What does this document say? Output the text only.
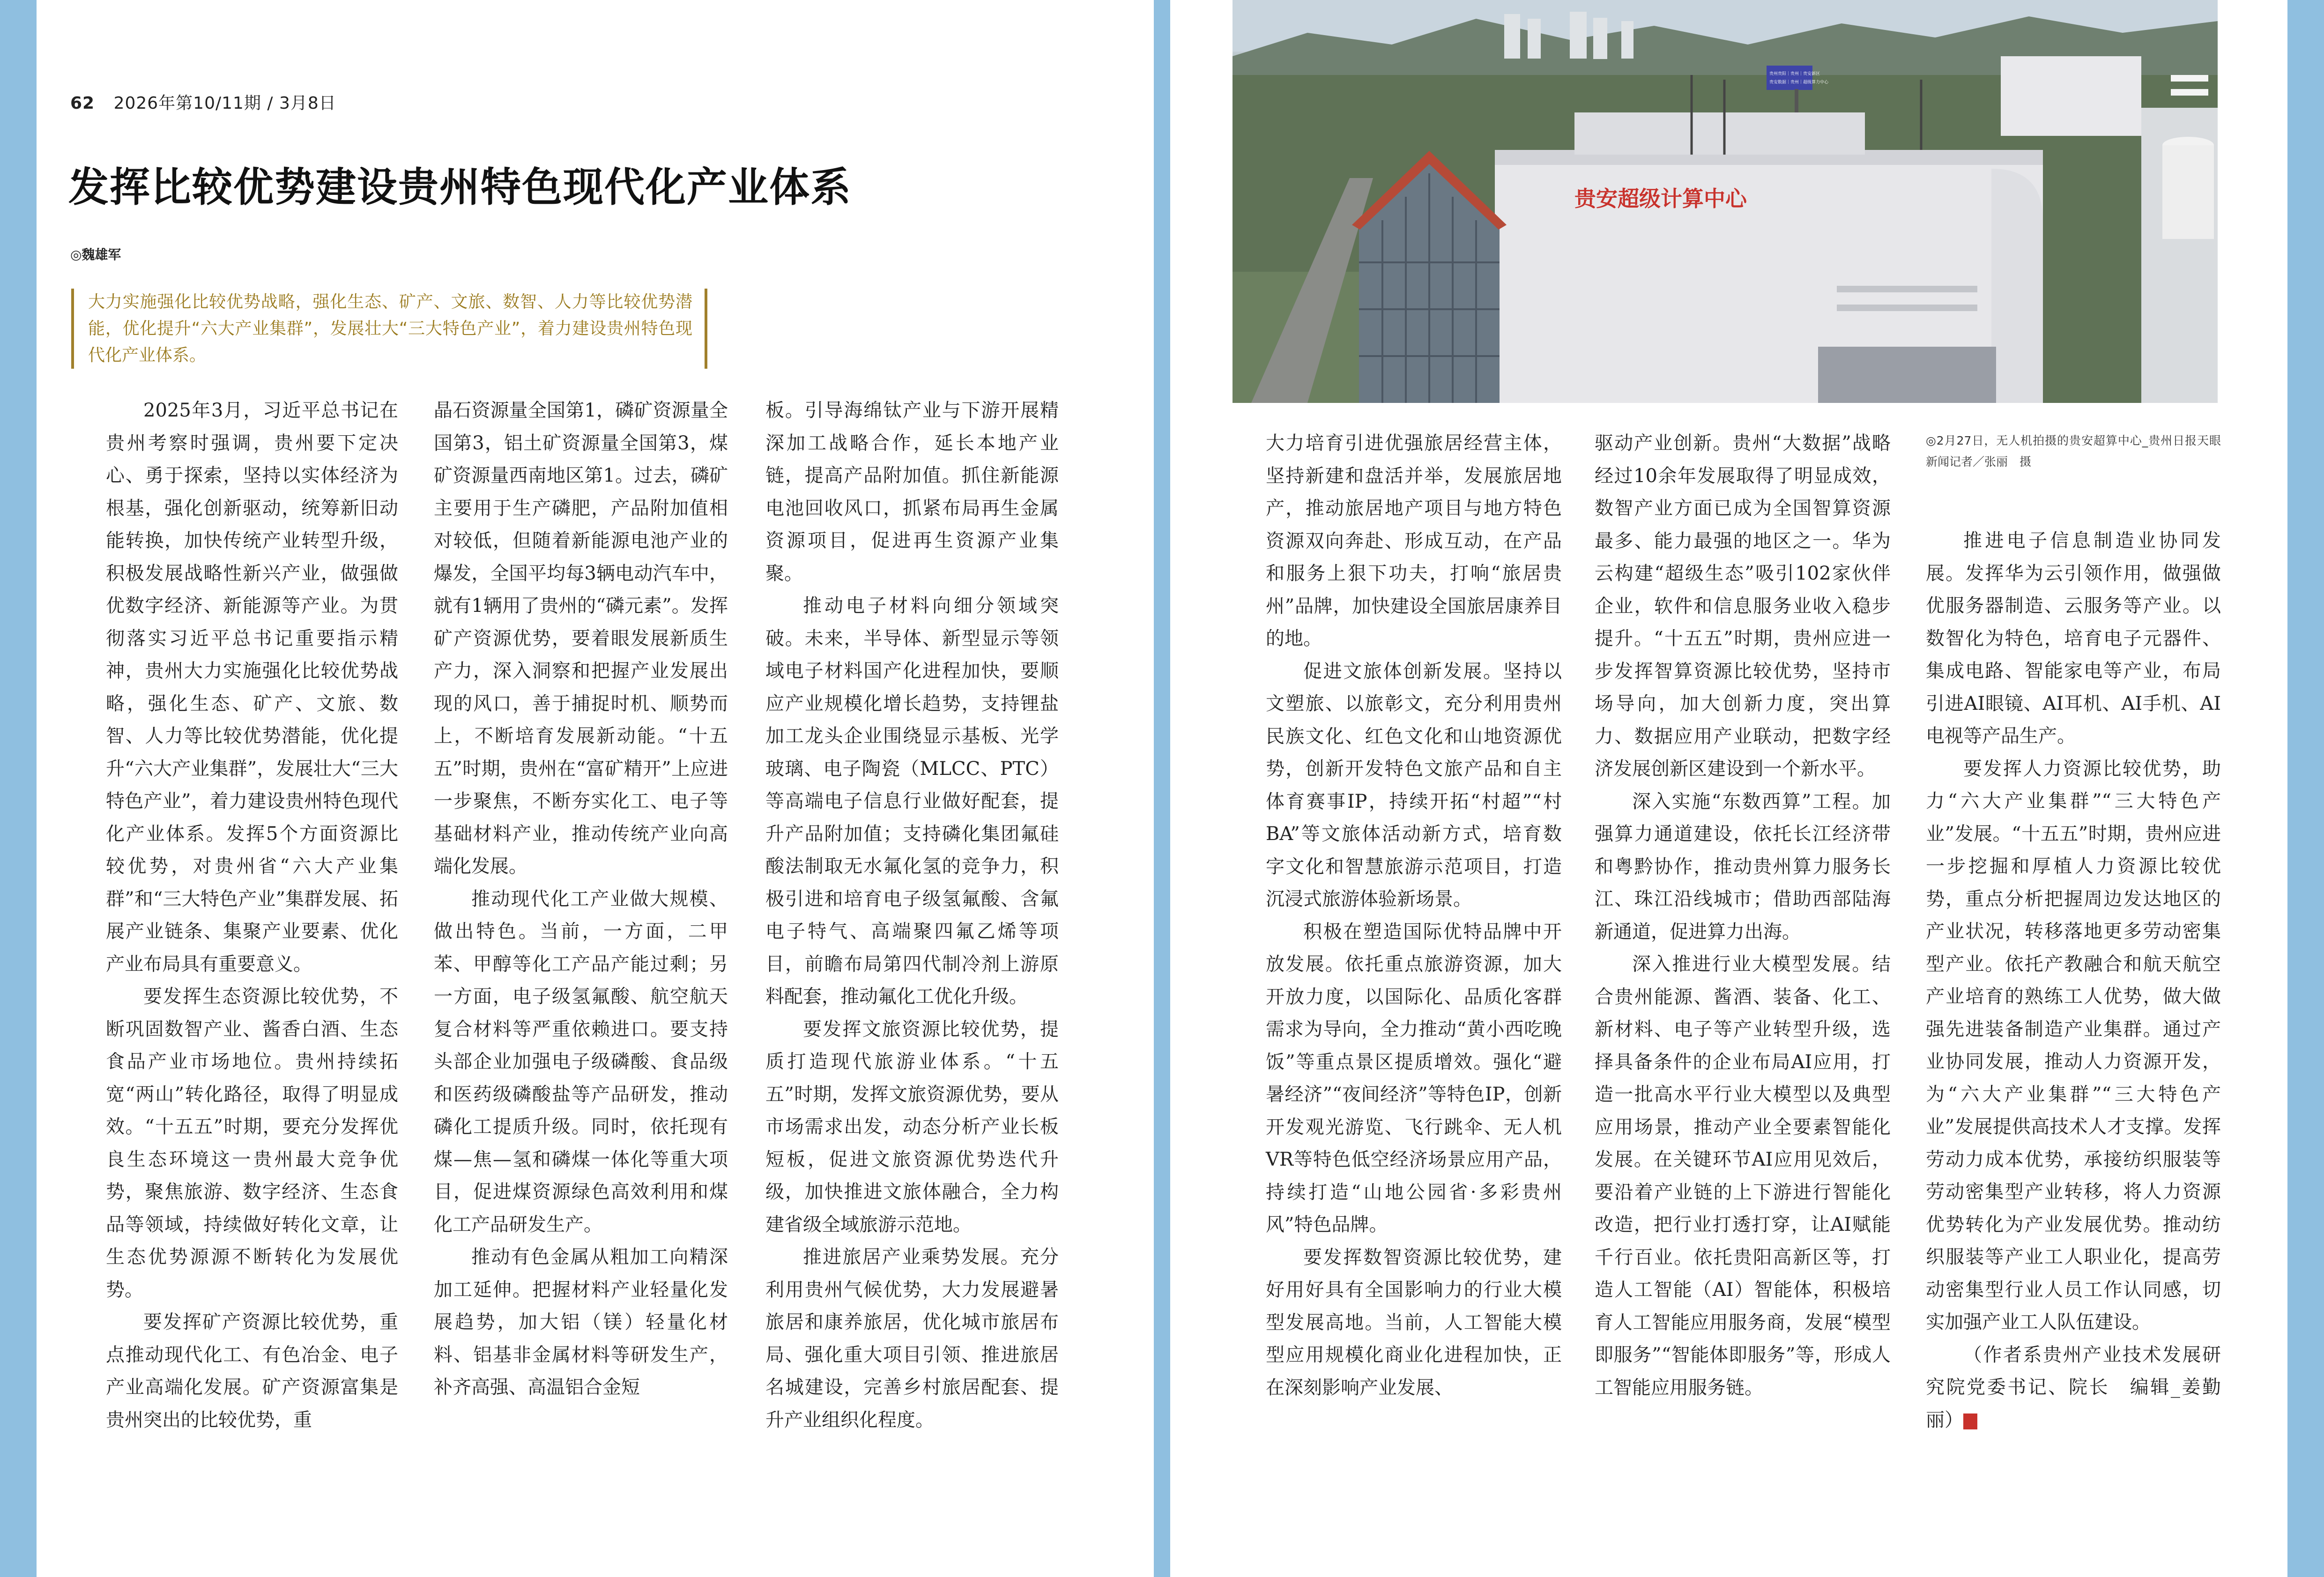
62 2026年第10/11期 / 3月8日
发挥比较优势建设贵州特色现代化产业体系
◎魏雄军
大力实施强化比较优势战略，强化生态、矿产、文旅、数智、人力等比较优势潜能，优化提升“六大产业集群”，发展壮大“三大特色产业”，着力建设贵州特色现代化产业体系。

2025年3月，习近平总书记在贵州考察时强调，贵州要下定决心、勇于探索，坚持以实体经济为根基，强化创新驱动，统筹新旧动能转换，加快传统产业转型升级，积极发展战略性新兴产业，做强做优数字经济、新能源等产业。为贯彻落实习近平总书记重要指示精神，贵州大力实施强化比较优势战略，强化生态、矿产、文旅、数智、人力等比较优势潜能，优化提升“六大产业集群”，发展壮大“三大特色产业”，着力建设贵州特色现代化产业体系。发挥5个方面资源比较优势，对贵州省“六大产业集群”和“三大特色产业”集群发展、拓展产业链条、集聚产业要素、优化产业布局具有重要意义。

要发挥生态资源比较优势，不断巩固数智产业、酱香白酒、生态食品产业市场地位。贵州持续拓宽“两山”转化路径，取得了明显成效。“十五五”时期，要充分发挥优良生态环境这一贵州最大竞争优势，聚焦旅游、数字经济、生态食品等领域，持续做好转化文章，让生态优势源源不断转化为发展优势。

要发挥矿产资源比较优势，重点推动现代化工、有色冶金、电子产业高端化发展。矿产资源富集是贵州突出的比较优势，重

晶石资源量全国第1，磷矿资源量全国第3，铝土矿资源量全国第3，煤矿资源量西南地区第1。过去，磷矿主要用于生产磷肥，产品附加值相对较低，但随着新能源电池产业的爆发，全国平均每3辆电动汽车中，就有1辆用了贵州的“磷元素”。发挥矿产资源优势，要着眼发展新质生产力，深入洞察和把握产业发展出现的风口，善于捕捉时机、顺势而上，不断培育发展新动能。“十五五”时期，贵州在“富矿精开”上应进一步聚焦，不断夯实化工、电子等基础材料产业，推动传统产业向高端化发展。

推动现代化工产业做大规模、做出特色。当前，一方面，二甲苯、甲醇等化工产品产能过剩；另一方面，电子级氢氟酸、航空航天复合材料等严重依赖进口。要支持头部企业加强电子级磷酸、食品级和医药级磷酸盐等产品研发，推动磷化工提质升级。同时，依托现有煤—焦—氢和磷煤一体化等重大项目，促进煤资源绿色高效利用和煤化工产品研发生产。

推动有色金属从粗加工向精深加工延伸。把握材料产业轻量化发展趋势，加大铝（镁）轻量化材料、铝基非金属材料等研发生产，补齐高强、高温铝合金短

板。引导海绵钛产业与下游开展精深加工战略合作，延长本地产业链，提高产品附加值。抓住新能源电池回收风口，抓紧布局再生金属资源项目，促进再生资源产业集聚。

推动电子材料向细分领域突破。未来，半导体、新型显示等领域电子材料国产化进程加快，要顺应产业规模化增长趋势，支持锂盐加工龙头企业围绕显示基板、光学玻璃、电子陶瓷（MLCC、PTC）等高端电子信息行业做好配套，提升产品附加值；支持磷化集团氟硅酸法制取无水氟化氢的竞争力，积极引进和培育电子级氢氟酸、含氟电子特气、高端聚四氟乙烯等项目，前瞻布局第四代制冷剂上游原料配套，推动氟化工优化升级。

要发挥文旅资源比较优势，提质打造现代旅游业体系。“十五五”时期，发挥文旅资源优势，要从市场需求出发，动态分析产业长板短板，促进文旅资源优势迭代升级，加快推进文旅体融合，全力构建省级全域旅游示范地。

推进旅居产业乘势发展。充分利用贵州气候优势，大力发展避暑旅居和康养旅居，优化城市旅居布局、强化重大项目引领、推进旅居名城建设，完善乡村旅居配套、提升产业组织化程度。

贵安超级计算中心
贵州贵阳｜贵州｜贵安新区
贵安数据｜贵州｜超级算力中心
◎2月27日，无人机拍摄的贵安超算中心_贵州日报天眼新闻记者／张丽　摄

大力培育引进优强旅居经营主体，坚持新建和盘活并举，发展旅居地产，推动旅居地产项目与地方特色资源双向奔赴、形成互动，在产品和服务上狠下功夫，打响“旅居贵州”品牌，加快建设全国旅居康养目的地。

促进文旅体创新发展。坚持以文塑旅、以旅彰文，充分利用贵州民族文化、红色文化和山地资源优势，创新开发特色文旅产品和自主体育赛事IP，持续开拓“村超”“村BA”等文旅体活动新方式，培育数字文化和智慧旅游示范项目，打造沉浸式旅游体验新场景。

积极在塑造国际优特品牌中开放发展。依托重点旅游资源，加大开放力度，以国际化、品质化客群需求为导向，全力推动“黄小西吃晚饭”等重点景区提质增效。强化“避暑经济”“夜间经济”等特色IP，创新开发观光游览、飞行跳伞、无人机VR等特色低空经济场景应用产品，持续打造“山地公园省·多彩贵州风”特色品牌。

要发挥数智资源比较优势，建好用好具有全国影响力的行业大模型发展高地。当前，人工智能大模型应用规模化商业化进程加快，正在深刻影响产业发展、

驱动产业创新。贵州“大数据”战略经过10余年发展取得了明显成效，数智产业方面已成为全国智算资源最多、能力最强的地区之一。华为云构建“超级生态”吸引102家伙伴企业，软件和信息服务业收入稳步提升。“十五五”时期，贵州应进一步发挥智算资源比较优势，坚持市场导向，加大创新力度，突出算力、数据应用产业联动，把数字经济发展创新区建设到一个新水平。

深入实施“东数西算”工程。加强算力通道建设，依托长江经济带和粤黔协作，推动贵州算力服务长江、珠江沿线城市；借助西部陆海新通道，促进算力出海。

深入推进行业大模型发展。结合贵州能源、酱酒、装备、化工、新材料、电子等产业转型升级，选择具备条件的企业布局AI应用，打造一批高水平行业大模型以及典型应用场景，推动产业全要素智能化发展。在关键环节AI应用见效后，要沿着产业链的上下游进行智能化改造，把行业打透打穿，让AI赋能千行百业。依托贵阳高新区等，打造人工智能（AI）智能体，积极培育人工智能应用服务商，发展“模型即服务”“智能体即服务”等，形成人工智能应用服务链。

推进电子信息制造业协同发展。发挥华为云引领作用，做强做优服务器制造、云服务等产业。以数智化为特色，培育电子元器件、集成电路、智能家电等产业，布局引进AI眼镜、AI耳机、AI手机、AI电视等产品生产。

要发挥人力资源比较优势，助力“六大产业集群”“三大特色产业”发展。“十五五”时期，贵州应进一步挖掘和厚植人力资源比较优势，重点分析把握周边发达地区的产业状况，转移落地更多劳动密集型产业。依托产教融合和航天航空产业培育的熟练工人优势，做大做强先进装备制造产业集群。通过产业协同发展，推动人力资源开发，为“六大产业集群”“三大特色产业”发展提供高技术人才支撑。发挥劳动力成本优势，承接纺织服装等劳动密集型产业转移，将人力资源优势转化为产业发展优势。推动纺织服装等产业工人职业化，提高劳动密集型行业人员工作认同感，切实加强产业工人队伍建设。

（作者系贵州产业技术发展研究院党委书记、院长　编辑_姜勤丽）	D
